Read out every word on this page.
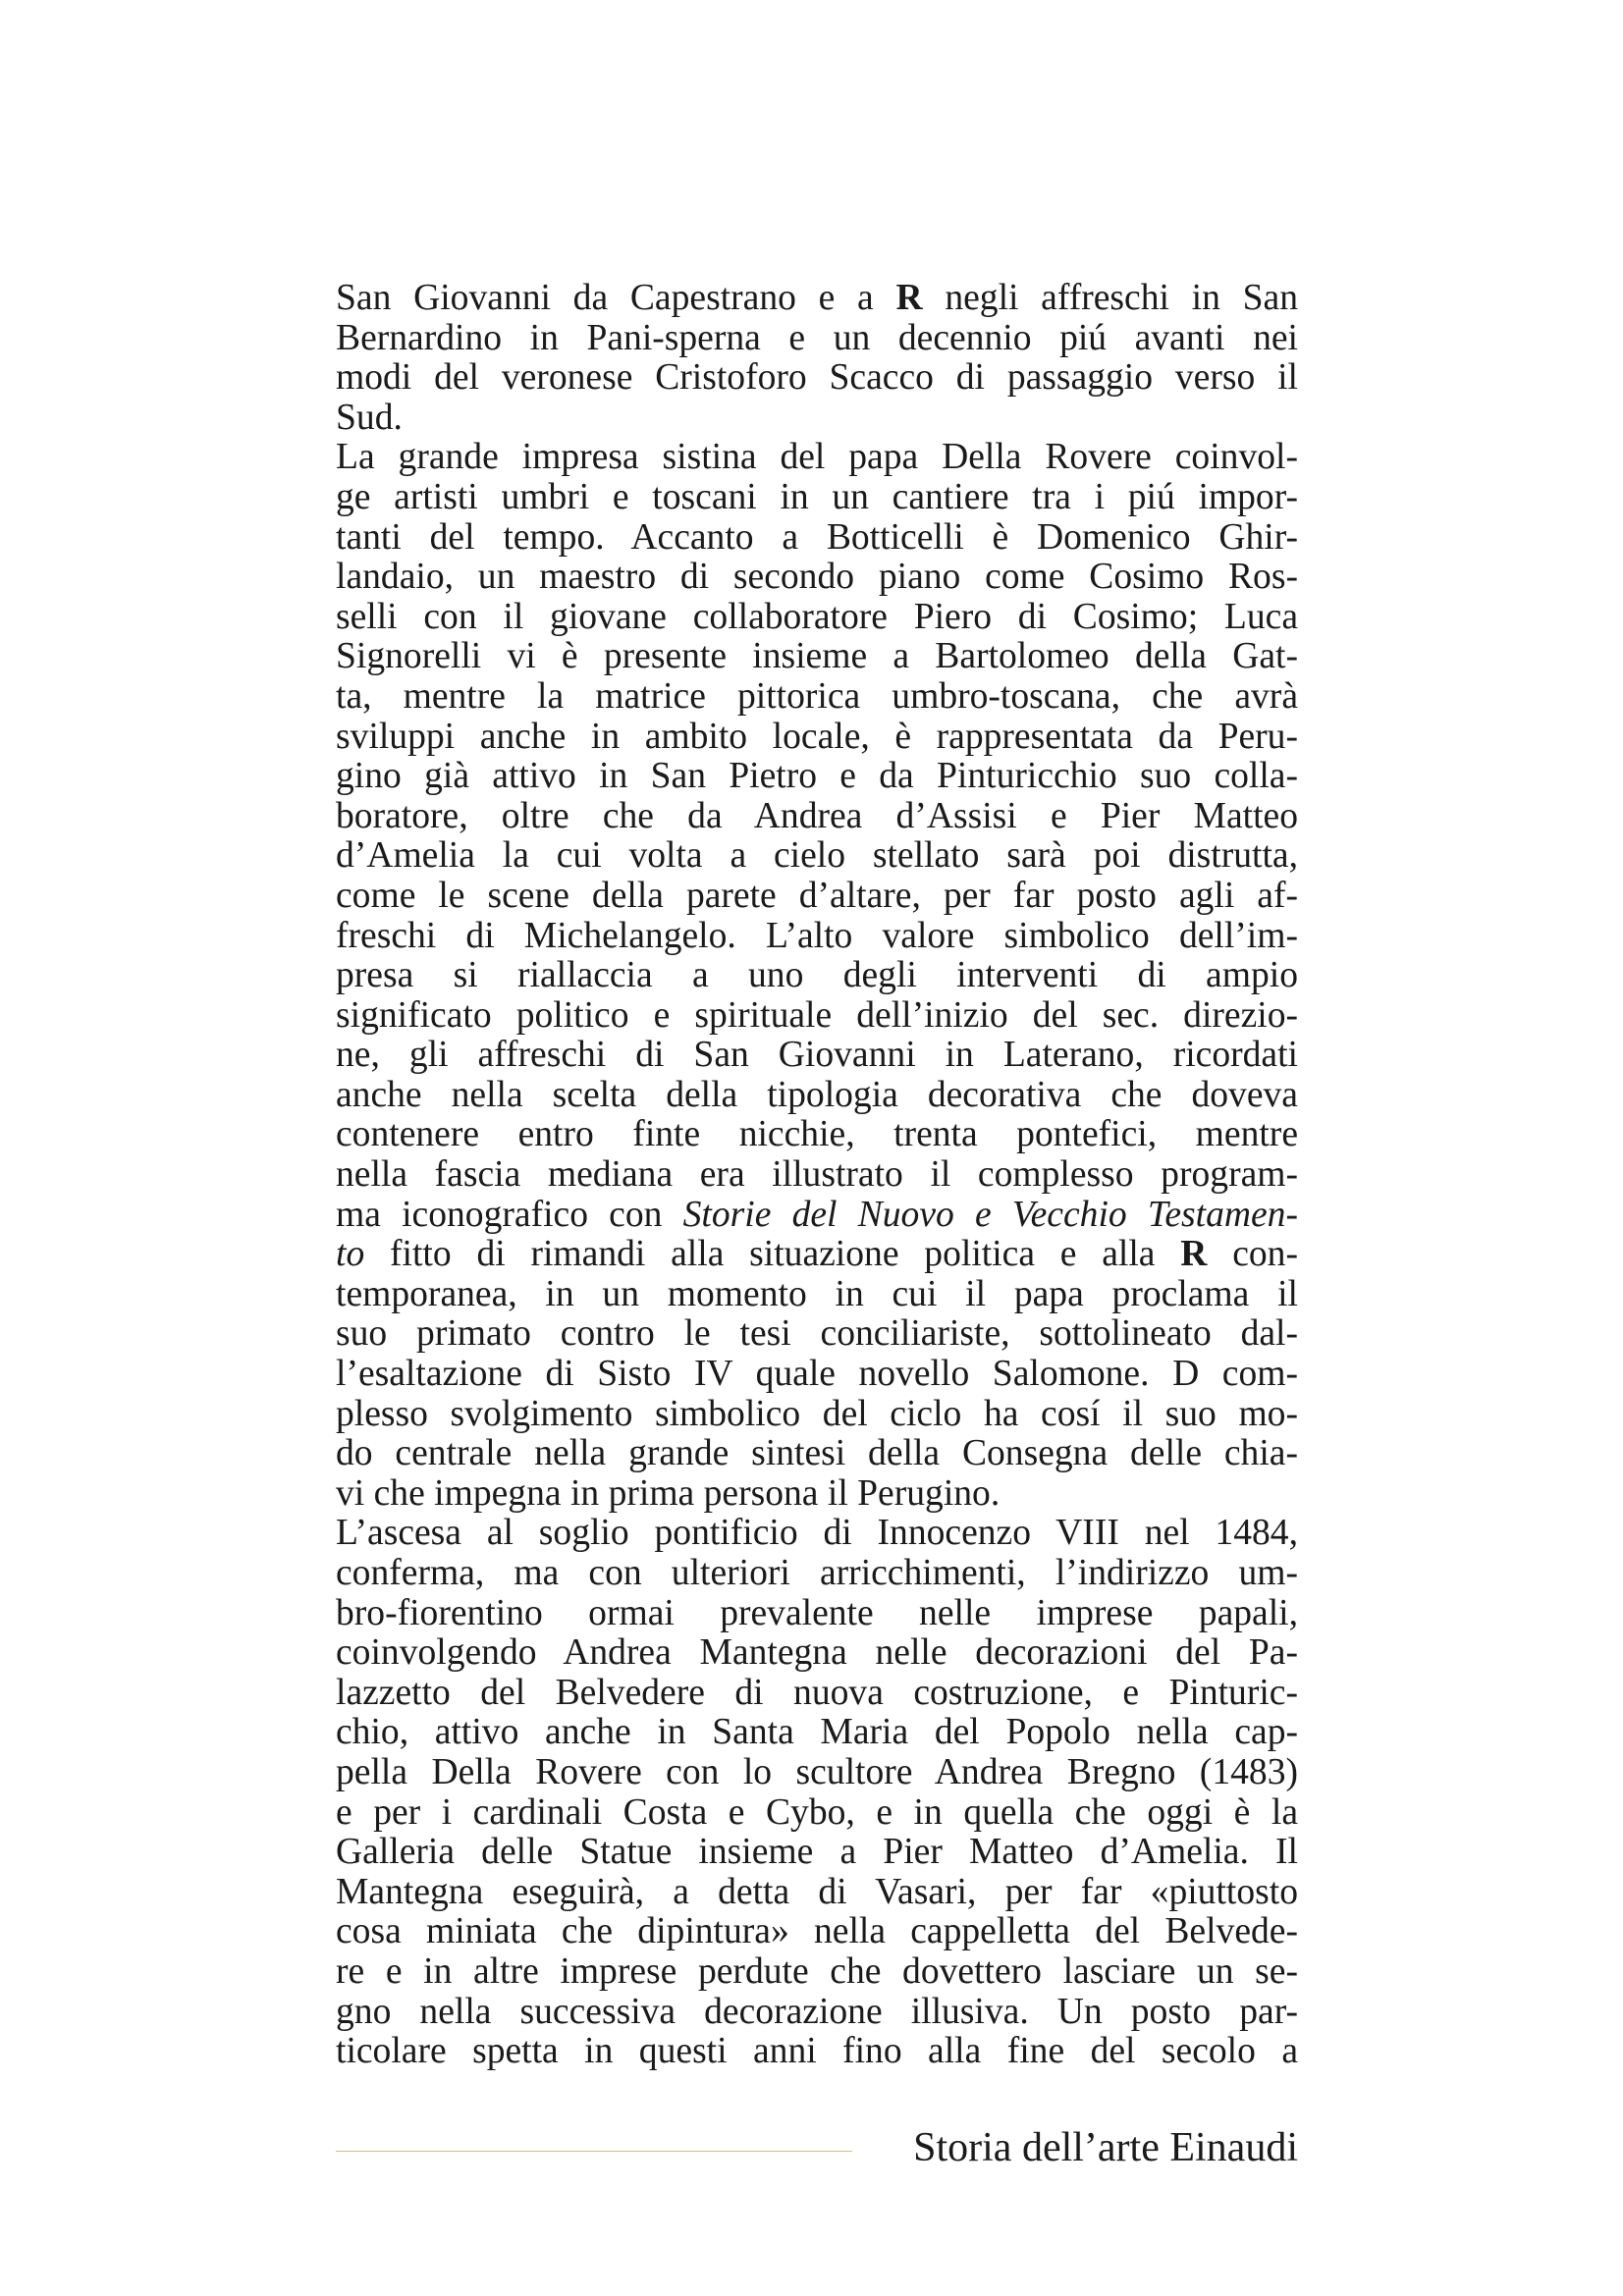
San Giovanni da Capestrano e a R negli affreschi in San
Bernardino in Pani-sperna e un decennio piú avanti nei
modi del veronese Cristoforo Scacco di passaggio verso il
Sud.
La grande impresa sistina del papa Della Rovere coinvol-
ge artisti umbri e toscani in un cantiere tra i piú impor-
tanti del tempo. Accanto a Botticelli è Domenico Ghir-
landaio, un maestro di secondo piano come Cosimo Ros-
selli con il giovane collaboratore Piero di Cosimo; Luca
Signorelli vi è presente insieme a Bartolomeo della Gat-
ta, mentre la matrice pittorica umbro-toscana, che avrà
sviluppi anche in ambito locale, è rappresentata da Peru-
gino già attivo in San Pietro e da Pinturicchio suo colla-
boratore, oltre che da Andrea d’Assisi e Pier Matteo
d’Amelia la cui volta a cielo stellato sarà poi distrutta,
come le scene della parete d’altare, per far posto agli af-
freschi di Michelangelo. L’alto valore simbolico dell’im-
presa si riallaccia a uno degli interventi di ampio
significato politico e spirituale dell’inizio del sec. direzio-
ne, gli affreschi di San Giovanni in Laterano, ricordati
anche nella scelta della tipologia decorativa che doveva
contenere entro finte nicchie, trenta pontefici, mentre
nella fascia mediana era illustrato il complesso program-
ma iconografico con Storie del Nuovo e Vecchio Testamen-
to fitto di rimandi alla situazione politica e alla R con-
temporanea, in un momento in cui il papa proclama il
suo primato contro le tesi conciliariste, sottolineato dal-
l’esaltazione di Sisto IV quale novello Salomone. D com-
plesso svolgimento simbolico del ciclo ha cosí il suo mo-
do centrale nella grande sintesi della Consegna delle chia-
vi che impegna in prima persona il Perugino.
L’ascesa al soglio pontificio di Innocenzo VIII nel 1484,
conferma, ma con ulteriori arricchimenti, l’indirizzo um-
bro-fiorentino ormai prevalente nelle imprese papali,
coinvolgendo Andrea Mantegna nelle decorazioni del Pa-
lazzetto del Belvedere di nuova costruzione, e Pinturic-
chio, attivo anche in Santa Maria del Popolo nella cap-
pella Della Rovere con lo scultore Andrea Bregno (1483)
e per i cardinali Costa e Cybo, e in quella che oggi è la
Galleria delle Statue insieme a Pier Matteo d’Amelia. Il
Mantegna eseguirà, a detta di Vasari, per far «piuttosto
cosa miniata che dipintura» nella cappelletta del Belvede-
re e in altre imprese perdute che dovettero lasciare un se-
gno nella successiva decorazione illusiva. Un posto par-
ticolare spetta in questi anni fino alla fine del secolo a
Storia dell’arte Einaudi
